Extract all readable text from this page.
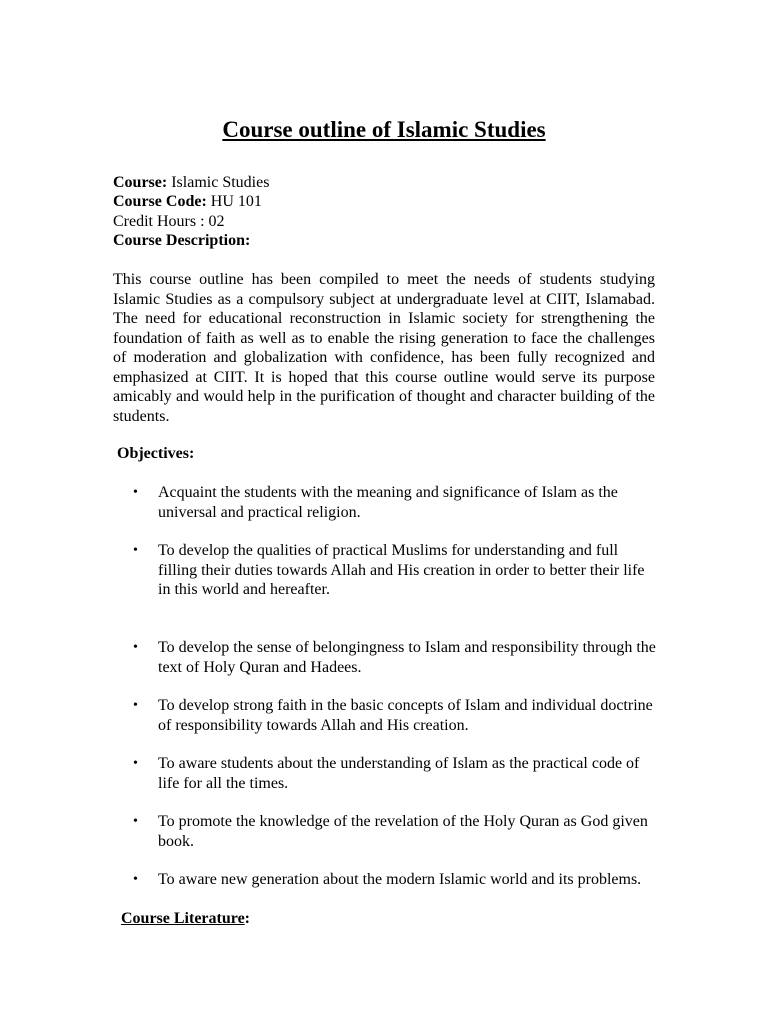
Course outline of Islamic Studies
Course: Islamic Studies
Course Code: HU 101
Credit Hours : 02
Course Description:

This course outline has been compiled to meet the needs of students studying Islamic Studies as a compulsory subject at undergraduate level at CIIT, Islamabad. The need for educational reconstruction in Islamic society for strengthening the foundation of faith as well as to enable the rising generation to face the challenges of moderation and globalization with confidence, has been fully recognized and emphasized at CIIT. It is hoped that this course outline would serve its purpose amicably and would help in the purification of thought and character building of the students.

Objectives:

•	Acquaint the students with the meaning and significance of Islam as the universal and practical religion.
•	To develop the qualities of practical Muslims for understanding and full filling their duties towards Allah and His creation in order to better their life in this world and hereafter.
•	To develop the sense of belongingness to Islam and responsibility through the text of Holy Quran and Hadees.
•	To develop strong faith in the basic concepts of Islam and individual doctrine of responsibility towards Allah and His creation.
•	To aware students about the understanding of Islam as the practical code of life for all the times.
•	To promote the knowledge of the revelation of the Holy Quran as God given book.
•	To aware new generation about the modern Islamic world and its problems.

Course Literature:
